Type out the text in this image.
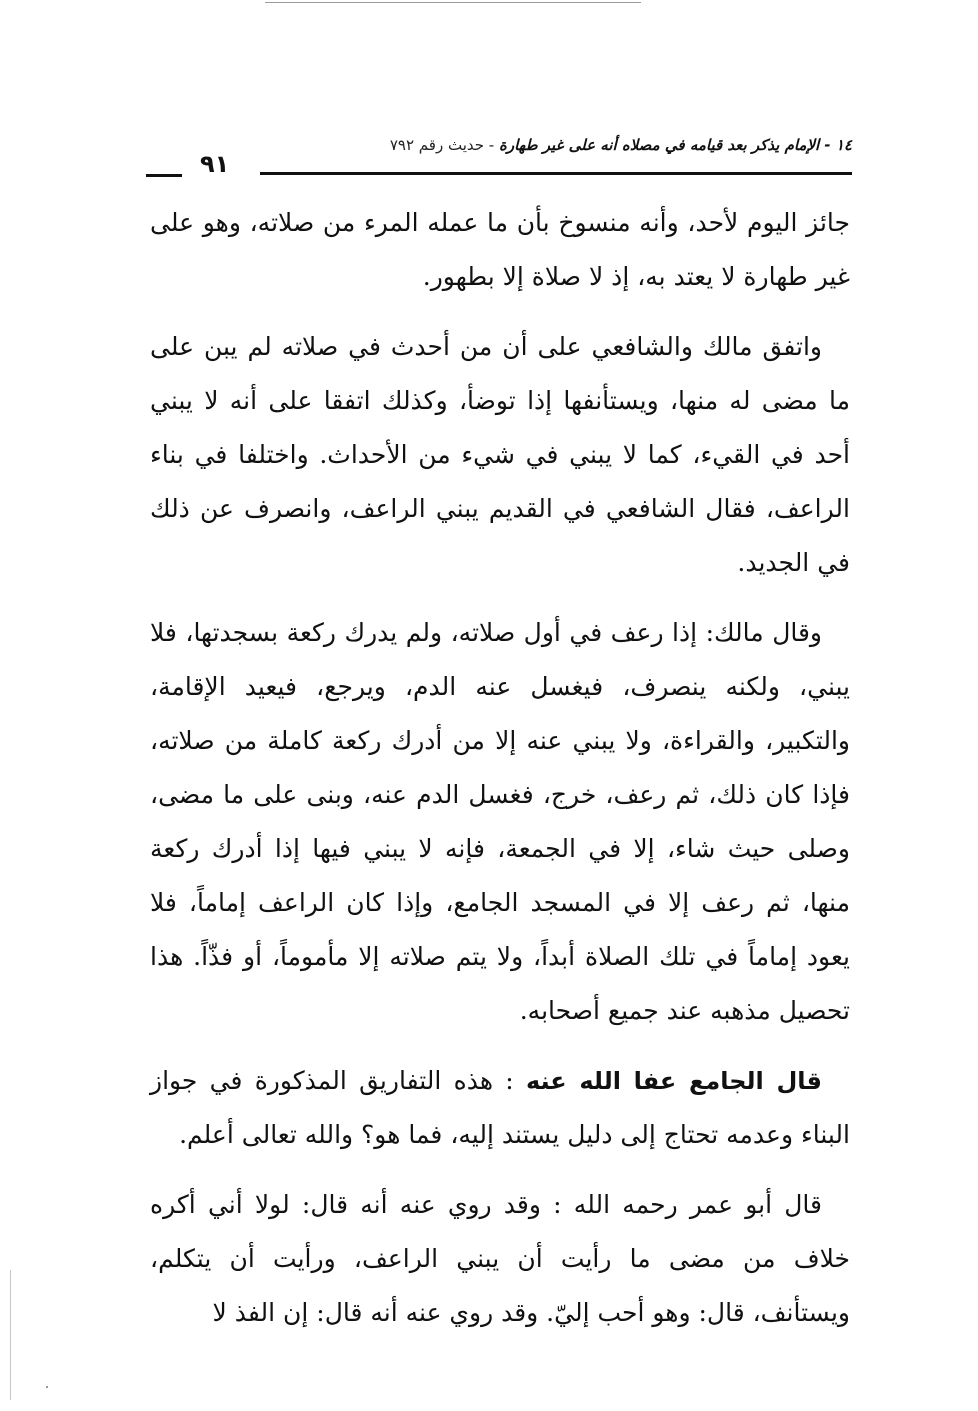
٩١
١٤ - الإمام يذكر بعد قيامه في مصلاه أنه على غير طهارة - حديث رقم ٧٩٢

جائز اليوم لأحد، وأنه منسوخ بأن ما عمله المرء من صلاته، وهو على غير طهارة لا يعتد به، إذ لا صلاة إلا بطهور.

واتفق مالك والشافعي على أن من أحدث في صلاته لم يبن على ما مضى له منها، ويستأنفها إذا توضأ، وكذلك اتفقا على أنه لا يبني أحد في القيء، كما لا يبني في شيء من الأحداث. واختلفا في بناء الراعف، فقال الشافعي في القديم يبني الراعف، وانصرف عن ذلك في الجديد.

وقال مالك: إذا رعف في أول صلاته، ولم يدرك ركعة بسجدتها، فلا يبني، ولكنه ينصرف، فيغسل عنه الدم، ويرجع، فيعيد الإقامة، والتكبير، والقراءة، ولا يبني عنه إلا من أدرك ركعة كاملة من صلاته، فإذا كان ذلك، ثم رعف، خرج، فغسل الدم عنه، وبنى على ما مضى، وصلى حيث شاء، إلا في الجمعة، فإنه لا يبني فيها إذا أدرك ركعة منها، ثم رعف إلا في المسجد الجامع، وإذا كان الراعف إماماً، فلا يعود إماماً في تلك الصلاة أبداً، ولا يتم صلاته إلا مأموماً، أو فذّاً. هذا تحصيل مذهبه عند جميع أصحابه.

قال الجامع عفا الله عنه : هذه التفاريق المذكورة في جواز البناء وعدمه تحتاج إلى دليل يستند إليه، فما هو؟ والله تعالى أعلم.

قال أبو عمر رحمه الله : وقد روي عنه أنه قال: لولا أني أكره خلاف من مضى ما رأيت أن يبني الراعف، ورأيت أن يتكلم، ويستأنف، قال: وهو أحب إليّ. وقد روي عنه أنه قال: إن الفذ لا
